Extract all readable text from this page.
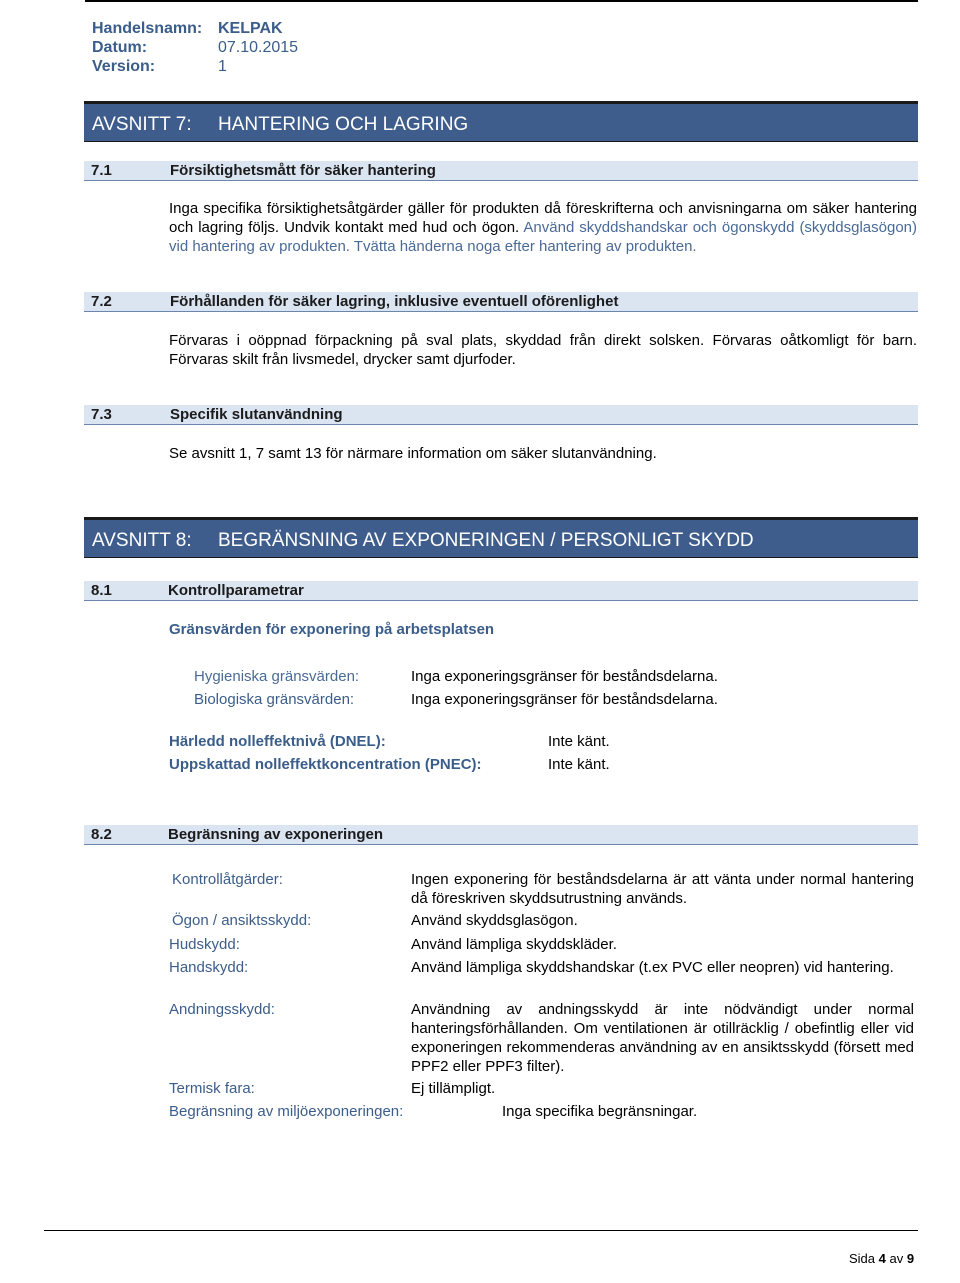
Handelsnamn: KELPAK
Datum:	07.10.2015
Version:	1
AVSNITT 7: HANTERING OCH LAGRING
7.1	Försiktighetsmått för säker hantering
Inga specifika försiktighetsåtgärder gäller för produkten då föreskrifterna och anvisningarna om säker hantering och lagring följs. Undvik kontakt med hud och ögon. Använd skyddshandskar och ögonskydd (skyddsglasögon) vid hantering av produkten. Tvätta händerna noga efter hantering av produkten.
7.2	Förhållanden för säker lagring, inklusive eventuell oförenlighet
Förvaras i oöppnad förpackning på sval plats, skyddad från direkt solsken. Förvaras oåtkomligt för barn. Förvaras skilt från livsmedel, drycker samt djurfoder.
7.3	Specifik slutanvändning
Se avsnitt 1, 7 samt 13 för närmare information om säker slutanvändning.
AVSNITT 8: BEGRÄNSNING AV EXPONERINGEN / PERSONLIGT SKYDD
8.1	Kontrollparametrar
Gränsvärden för exponering på arbetsplatsen
Hygieniska gränsvärden:	Inga exponeringsgränser för beståndsdelarna.
Biologiska gränsvärden:	Inga exponeringsgränser för beståndsdelarna.
Härledd nolleffektnivå (DNEL):	Inte känt.
Uppskattad nolleffektkoncentration (PNEC):	Inte känt.
8.2	Begränsning av exponeringen
Kontrollåtgärder:	Ingen exponering för beståndsdelarna är att vänta under normal hantering då föreskriven skyddsutrustning används.
Ögon / ansiktsskydd:	Använd skyddsglasögon.
Hudskydd:	Använd lämpliga skyddskläder.
Handskydd:	Använd lämpliga skyddshandskar (t.ex PVC eller neopren) vid hantering.
Andningsskydd:	Användning av andningsskydd är inte nödvändigt under normal hanteringsförhållanden. Om ventilationen är otillräcklig / obefintlig eller vid exponeringen rekommenderas användning av en ansiktsskydd (försett med PPF2 eller PPF3 filter).
Termisk fara:	Ej tillämpligt.
Begränsning av miljöexponeringen:	Inga specifika begränsningar.
Sida 4 av 9
